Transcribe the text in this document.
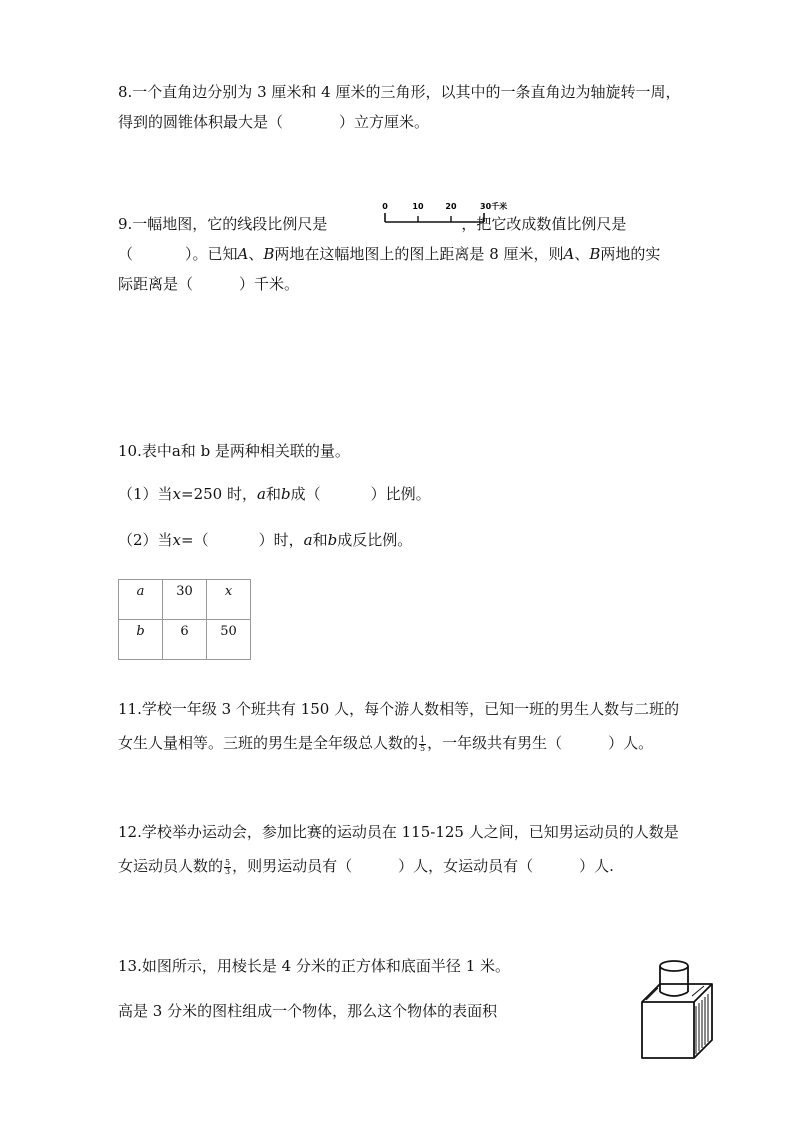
8.一个直角边分别为 3 厘米和 4 厘米的三角形，以其中的一条直角边为轴旋转一周，
得到的圆锥体积最大是（	）立方厘米。
9.一幅地图，它的线段比例尺是	，把它改成数值比例尺是
0	10	20	30千米
（	）。已知A、B两地在这幅地图上的图上距离是 8 厘米，则A、B两地的实
际距离是（	）千米。
10.表中a和 b 是两种相关联的量。
（1）当x=250 时，a和b成（	）比例。
（2）当x=（	）时，a和b成反比例。
a	30	x
b	6	50
11.学校一年级 3 个班共有 150 人，每个游人数相等，已知一班的男生人数与二班的
女生人量相等。三班的男生是全年级总人数的 $\frac{1}{5}$ ，一年级共有男生（	）人。
12.学校举办运动会，参加比赛的运动员在 115-125 人之间，已知男运动员的人数是
女运动员人数的 $\frac{5}{3}$ ，则男运动员有（	）人，女运动员有（	）人.
13.如图所示，用棱长是 4 分米的正方体和底面半径 1 米。
高是 3 分米的图柱组成一个物体，那么这个物体的表面积
